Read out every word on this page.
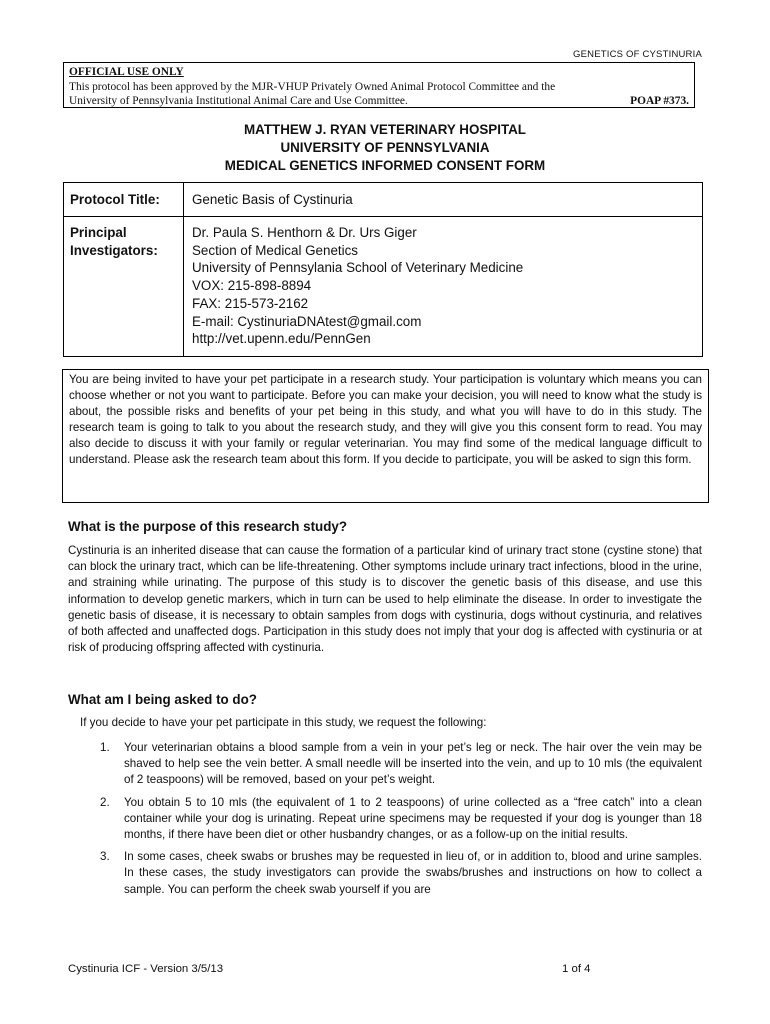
GENETICS OF CYSTINURIA
OFFICIAL USE ONLY
This protocol has been approved by the MJR-VHUP Privately Owned Animal Protocol Committee and the
University of Pennsylvania Institutional Animal Care and Use Committee.	POAP #373.
MATTHEW J. RYAN VETERINARY HOSPITAL
UNIVERSITY OF PENNSYLVANIA
MEDICAL GENETICS INFORMED CONSENT FORM
Protocol Title:	Genetic Basis of Cystinuria
Principal
Investigators:
Dr. Paula S. Henthorn & Dr. Urs Giger
Section of Medical Genetics
University of Pennsylania School of Veterinary Medicine
VOX: 215-898-8894
FAX: 215-573-2162
E-mail: CystinuriaDNAtest@gmail.com
http://vet.upenn.edu/PennGen
You are being invited to have your pet participate in a research study. Your participation is voluntary which means you can choose whether or not you want to participate. Before you can make your decision, you will need to know what the study is about, the possible risks and benefits of your pet being in this study, and what you will have to do in this study. The research team is going to talk to you about the research study, and they will give you this consent form to read. You may also decide to discuss it with your family or regular veterinarian. You may find some of the medical language difficult to understand. Please ask the research team about this form. If you decide to participate, you will be asked to sign this form.
What is the purpose of this research study?
Cystinuria is an inherited disease that can cause the formation of a particular kind of urinary tract stone (cystine stone) that can block the urinary tract, which can be life-threatening. Other symptoms include urinary tract infections, blood in the urine, and straining while urinating. The purpose of this study is to discover the genetic basis of this disease, and use this information to develop genetic markers, which in turn can be used to help eliminate the disease. In order to investigate the genetic basis of disease, it is necessary to obtain samples from dogs with cystinuria, dogs without cystinuria, and relatives of both affected and unaffected dogs. Participation in this study does not imply that your dog is affected with cystinuria or at risk of producing offspring affected with cystinuria.
What am I being asked to do?
If you decide to have your pet participate in this study, we request the following:
1. Your veterinarian obtains a blood sample from a vein in your pet’s leg or neck. The hair over the vein may be shaved to help see the vein better. A small needle will be inserted into the vein, and up to 10 mls (the equivalent of 2 teaspoons) will be removed, based on your pet’s weight.
2. You obtain 5 to 10 mls (the equivalent of 1 to 2 teaspoons) of urine collected as a “free catch” into a clean container while your dog is urinating. Repeat urine specimens may be requested if your dog is younger than 18 months, if there have been diet or other husbandry changes, or as a follow-up on the initial results.
3. In some cases, cheek swabs or brushes may be requested in lieu of, or in addition to, blood and urine samples. In these cases, the study investigators can provide the swabs/brushes and instructions on how to collect a sample. You can perform the cheek swab yourself if you are
Cystinuria ICF - Version 3/5/13	1 of 4
